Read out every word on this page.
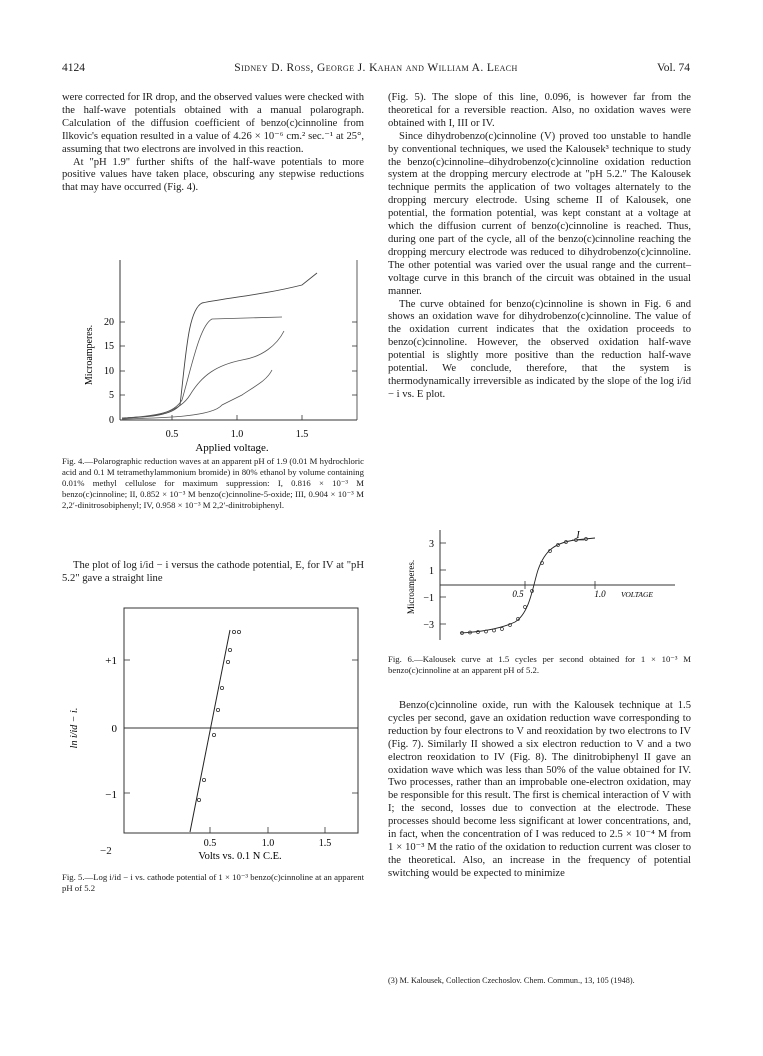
4124	Sidney D. Ross, George J. Kahan and William A. Leach	Vol. 74

were corrected for IR drop, and the observed values were checked with the half-wave potentials obtained with a manual polarograph. Calculation of the diffusion coefficient of benzo(c)cinnoline from Ilkovic's equation resulted in a value of 4.26 × 10⁻⁶ cm.² sec.⁻¹ at 25°, assuming that two electrons are involved in this reaction.

At "pH 1.9" further shifts of the half-wave potentials to more positive values have taken place, obscuring any stepwise reductions that may have occurred (Fig. 4).

20
15
10
5
0
Microamperes.
0.5	1.0	1.5
Applied voltage.
Fig. 4.—Polarographic reduction waves at an apparent pH of 1.9 (0.01 M hydrochloric acid and 0.1 M tetramethylammonium bromide) in 80% ethanol by volume containing 0.01% methyl cellulose for maximum suppression: I, 0.816 × 10⁻³ M benzo(c)cinnoline; II, 0.852 × 10⁻³ M benzo(c)cinnoline-5-oxide; III, 0.904 × 10⁻³ M 2,2′-dinitrosobiphenyl; IV, 0.958 × 10⁻³ M 2,2′-dinitrobiphenyl.

The plot of log i/id − i versus the cathode potential, E, for IV at "pH 5.2" gave a straight line

+1
0
−1
ln i/id − i.
0.5	1.0	1.5
Volts vs. 0.1 N C.E.
−2
Fig. 5.—Log i/id − i vs. cathode potential of 1 × 10⁻³ benzo(c)cinnoline at an apparent pH of 5.2

(Fig. 5). The slope of this line, 0.096, is however far from the theoretical for a reversible reaction. Also, no oxidation waves were obtained with I, III or IV.

Since dihydrobenzo(c)cinnoline (V) proved too unstable to handle by conventional techniques, we used the Kalousek³ technique to study the benzo(c)cinnoline–dihydrobenzo(c)cinnoline oxidation reduction system at the dropping mercury electrode at "pH 5.2." The Kalousek technique permits the application of two voltages alternately to the dropping mercury electrode. Using scheme II of Kalousek, one potential, the formation potential, was kept constant at a voltage at which the diffusion current of benzo(c)cinnoline is reached. Thus, during one part of the cycle, all of the benzo(c)cinnoline reaching the dropping mercury electrode was reduced to dihydrobenzo(c)cinnoline. The other potential was varied over the usual range and the current–voltage curve in this branch of the circuit was obtained in the usual manner.

The curve obtained for benzo(c)cinnoline is shown in Fig. 6 and shows an oxidation wave for dihydrobenzo(c)cinnoline. The value of the oxidation current indicates that the oxidation proceeds to benzo(c)cinnoline. However, the observed oxidation half-wave potential is slightly more positive than the reduction half-wave potential. We conclude, therefore, that the system is thermodynamically irreversible as indicated by the slope of the log i/id − i vs. E plot.

3
1
−1
−3
Microamperes.	0.5	1.0 VOLTAGE
I
Fig. 6.—Kalousek curve at 1.5 cycles per second obtained for 1 × 10⁻³ M benzo(c)cinnoline at an apparent pH of 5.2.

Benzo(c)cinnoline oxide, run with the Kalousek technique at 1.5 cycles per second, gave an oxidation reduction wave corresponding to reduction by four electrons to V and reoxidation by two electrons to IV (Fig. 7). Similarly II showed a six electron reduction to V and a two electron reoxidation to IV (Fig. 8). The dinitrobiphenyl II gave an oxidation wave which was less than 50% of the value obtained for IV. Two processes, rather than an improbable one-electron oxidation, may be responsible for this result. The first is chemical interaction of V with I; the second, losses due to convection at the electrode. These processes should become less significant at lower concentrations, and, in fact, when the concentration of I was reduced to 2.5 × 10⁻⁴ M from 1 × 10⁻³ M the ratio of the oxidation to reduction current was closer to the theoretical. Also, an increase in the frequency of potential switching would be expected to minimize

(3) M. Kalousek, Collection Czechoslov. Chem. Commun., 13, 105 (1948).
